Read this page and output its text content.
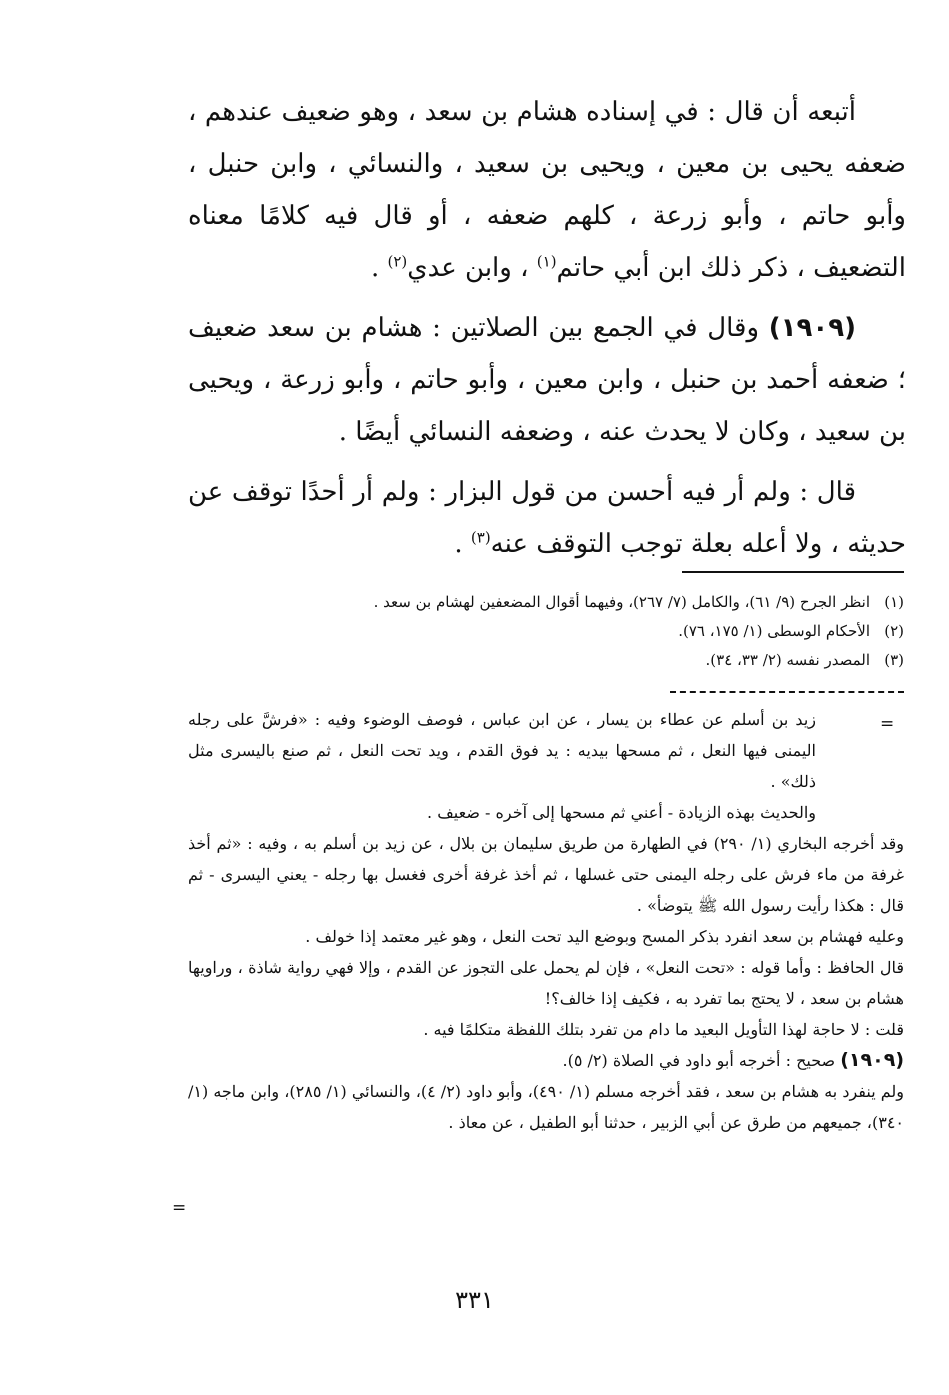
أتبعه أن قال : في إسناده هشام بن سعد ، وهو ضعيف عندهم ، ضعفه يحيى بن معين ، ويحيى بن سعيد ، والنسائي ، وابن حنبل ، وأبو حاتم ، وأبو زرعة ، كلهم ضعفه ، أو قال فيه كلامًا معناه التضعيف ، ذكر ذلك ابن أبي حاتم$^{(١)}$ ، وابن عدي$^{(٢)}$ .

(١٩٠٩) وقال في الجمع بين الصلاتين : هشام بن سعد ضعيف ؛ ضعفه أحمد بن حنبل ، وابن معين ، وأبو حاتم ، وأبو زرعة ، ويحيى بن سعيد ، وكان لا يحدث عنه ، وضعفه النسائي أيضًا .

قال : ولم أر فيه أحسن من قول البزار : ولم أر أحدًا توقف عن حديثه ، ولا أعله بعلة توجب التوقف عنه$^{(٣)}$ .

(١)انظر الجرح (٩/ ٦١)، والكامل (٧/ ٢٦٧)، وفيهما أقوال المضعفين لهشام بن سعد .
(٢)الأحكام الوسطى (١/ ١٧٥، ٧٦).
(٣)المصدر نفسه (٢/ ٣٣، ٣٤).
=

زيد بن أسلم عن عطاء بن يسار ، عن ابن عباس ، فوصف الوضوء وفيه : «فرشَّ على رجله اليمنى فيها النعل ، ثم مسحها بيديه : يد فوق القدم ، ويد تحت النعل ، ثم صنع باليسرى مثل ذلك» .

والحديث بهذه الزيادة - أعني ثم مسحها إلى آخره - ضعيف .

وقد أخرجه البخاري (١/ ٢٩٠) في الطهارة من طريق سليمان بن بلال ، عن زيد بن أسلم به ، وفيه : «ثم أخذ غرفة من ماء فرش على رجله اليمنى حتى غسلها ، ثم أخذ غرفة أخرى فغسل بها رجله - يعني اليسرى - ثم قال : هكذا رأيت رسول الله ﷺ يتوضأ» .

وعليه فهشام بن سعد انفرد بذكر المسح وبوضع اليد تحت النعل ، وهو غير معتمد إذا خولف .

قال الحافظ : وأما قوله : «تحت النعل» ، فإن لم يحمل على التجوز عن القدم ، وإلا فهي رواية شاذة ، وراويها هشام بن سعد ، لا يحتج بما تفرد به ، فكيف إذا خالف؟!

قلت : لا حاجة لهذا التأويل البعيد ما دام من تفرد بتلك اللفظة متكلمًا فيه .

(١٩٠٩) صحيح : أخرجه أبو داود في الصلاة (٢/ ٥).

ولم ينفرد به هشام بن سعد ، فقد أخرجه مسلم (١/ ٤٩٠)، وأبو داود (٢/ ٤)، والنسائي (١/ ٢٨٥)، وابن ماجه (١/ ٣٤٠)، جميعهم من طرق عن أبي الزبير ، حدثنا أبو الطفيل ، عن معاذ .

=
٣٣١
